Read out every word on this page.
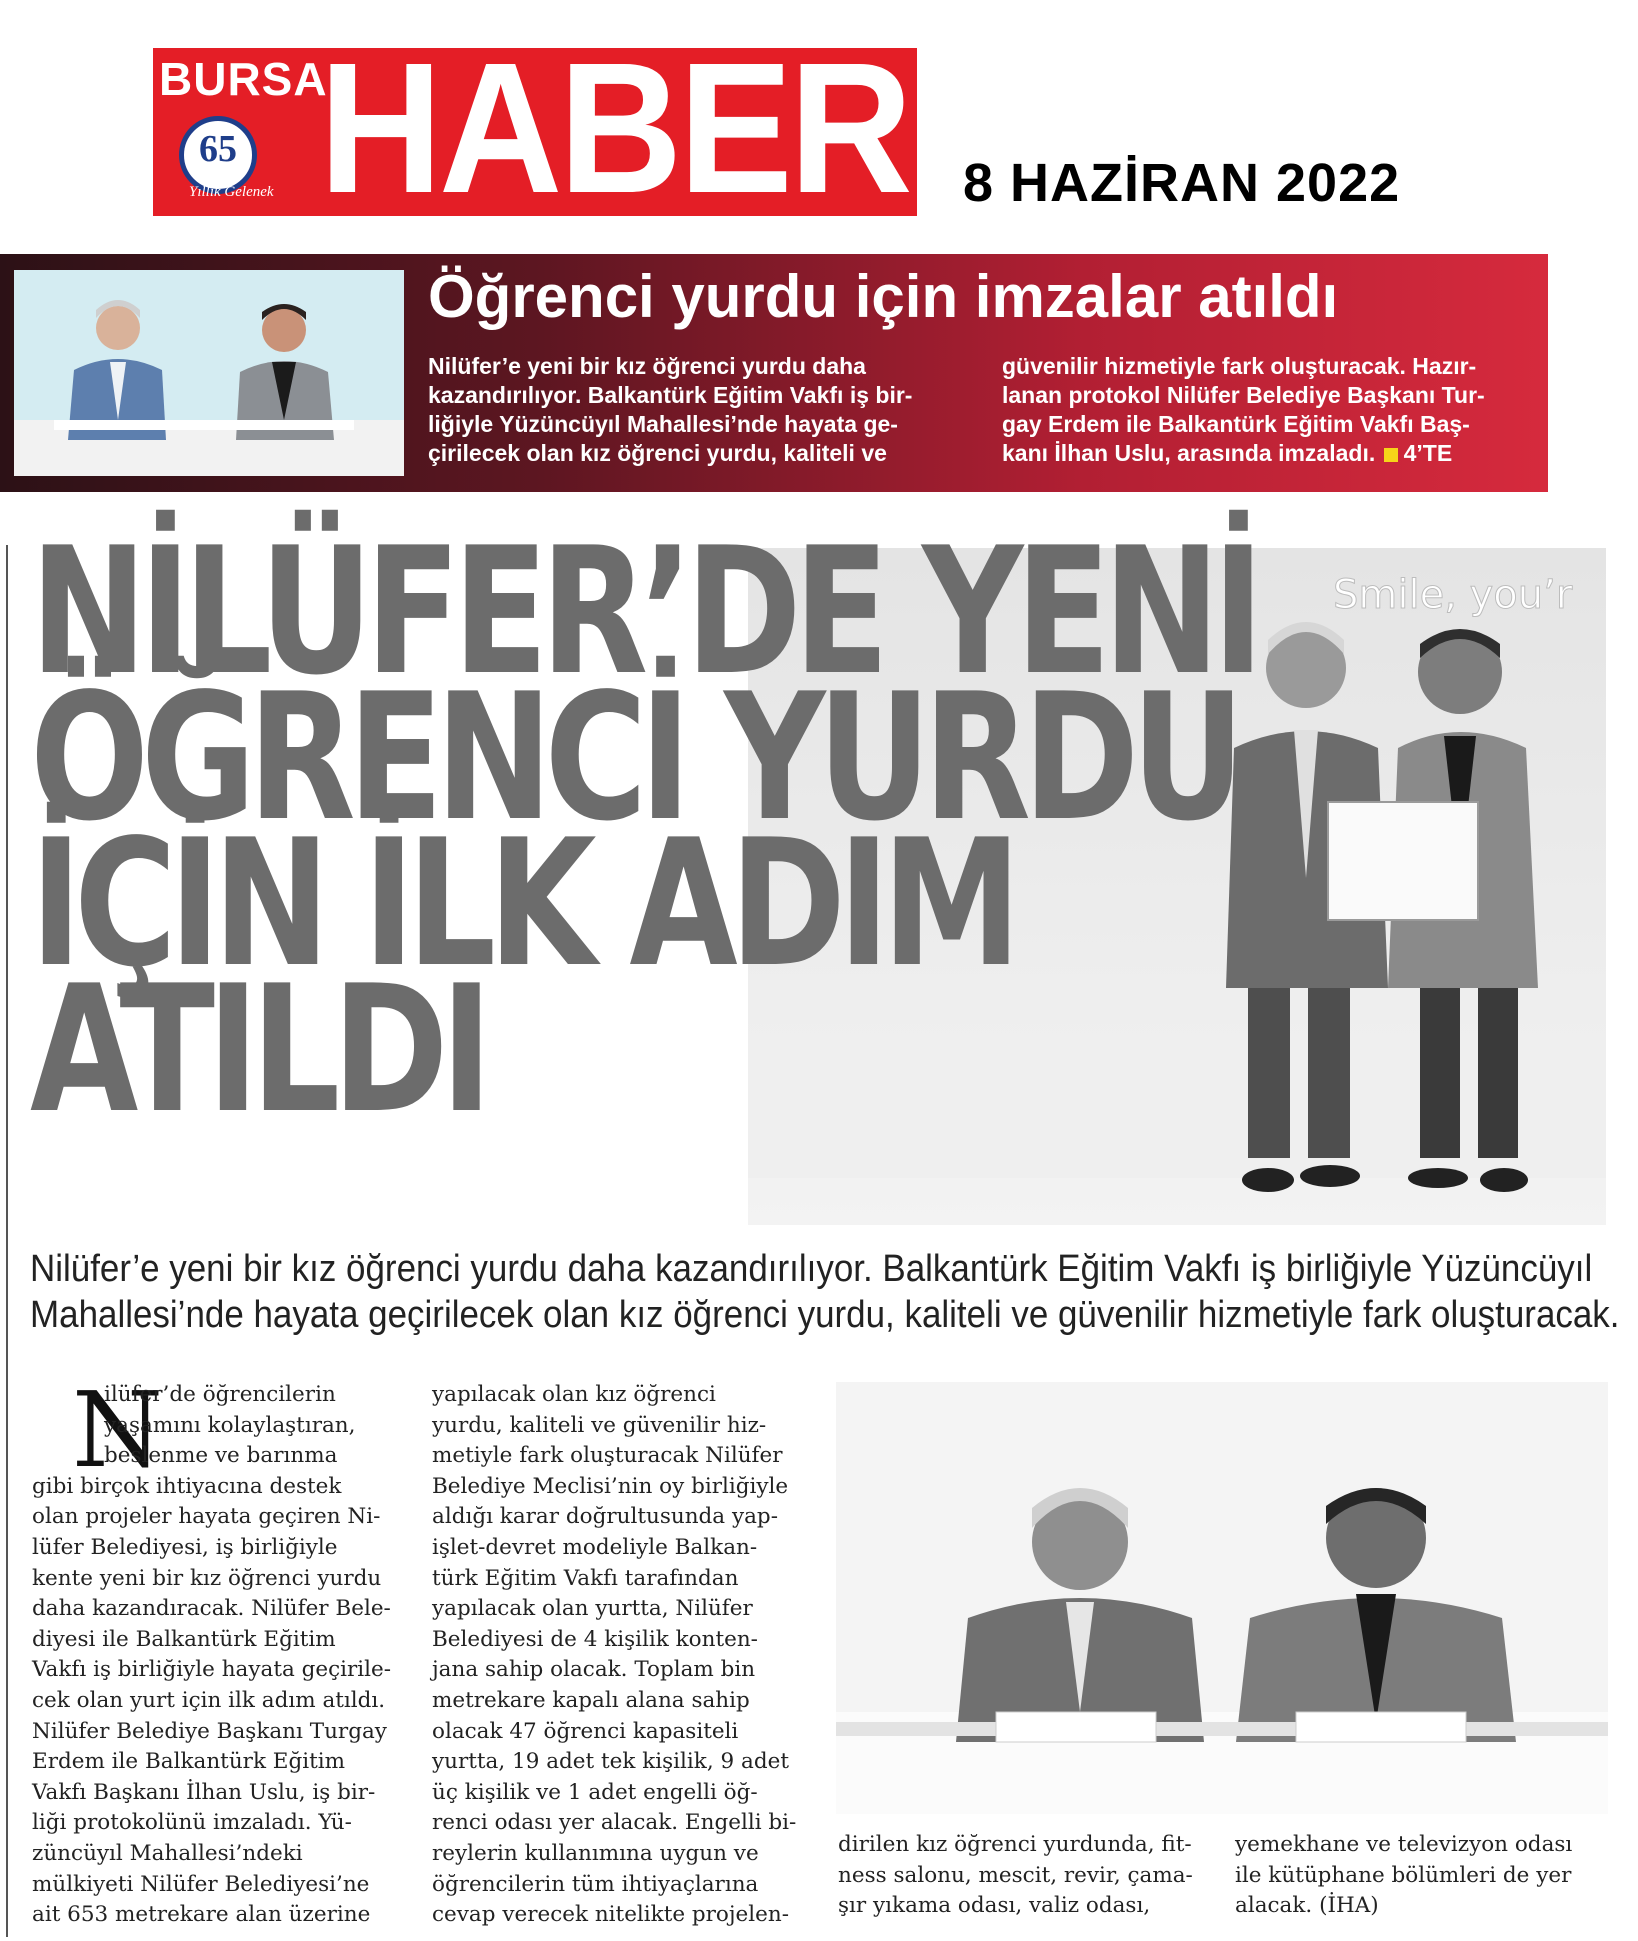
BURSA
HABER
65
Yıllık Gelenek	8 HAZİRAN 2022
Öğrenci yurdu için imzalar atıldı
Nilüfer’e yeni bir kız öğrenci yurdu daha
kazandırılıyor. Balkantürk Eğitim Vakfı iş bir-
liğiyle Yüzüncüyıl Mahallesi’nde hayata ge-
çirilecek olan kız öğrenci yurdu, kaliteli ve
güvenilir hizmetiyle fark oluşturacak. Hazır-
lanan protokol Nilüfer Belediye Başkanı Tur-
gay Erdem ile Balkantürk Eğitim Vakfı Baş-
kanı İlhan Uslu, arasında imzaladı. 4’TE
Smile, you’r
NİLÜFER’DE YENİ
ÖĞRENCİ YURDU
İÇİN İLK ADIM
ATILDI
Nilüfer’e yeni bir kız öğrenci yurdu daha kazandırılıyor. Balkantürk Eğitim Vakfı iş birliğiyle Yüzüncüyıl
Mahallesi’nde hayata geçirilecek olan kız öğrenci yurdu, kaliteli ve güvenilir hizmetiyle fark oluşturacak.
N
ilüfer’de öğrencilerin
yaşamını kolaylaştıran,
beslenme ve barınma
gibi birçok ihtiyacına destek
olan projeler hayata geçiren Ni-
lüfer Belediyesi, iş birliğiyle
kente yeni bir kız öğrenci yurdu
daha kazandıracak. Nilüfer Bele-
diyesi ile Balkantürk Eğitim
Vakfı iş birliğiyle hayata geçirile-
cek olan yurt için ilk adım atıldı.
Nilüfer Belediye Başkanı Turgay
Erdem ile Balkantürk Eğitim
Vakfı Başkanı İlhan Uslu, iş bir-
liği protokolünü imzaladı. Yü-
züncüyıl Mahallesi’ndeki
mülkiyeti Nilüfer Belediyesi’ne
ait 653 metrekare alan üzerine
yapılacak olan kız öğrenci
yurdu, kaliteli ve güvenilir hiz-
metiyle fark oluşturacak Nilüfer
Belediye Meclisi’nin oy birliğiyle
aldığı karar doğrultusunda yap-
işlet-devret modeliyle Balkan-
türk Eğitim Vakfı tarafından
yapılacak olan yurtta, Nilüfer
Belediyesi de 4 kişilik konten-
jana sahip olacak. Toplam bin
metrekare kapalı alana sahip
olacak 47 öğrenci kapasiteli
yurtta, 19 adet tek kişilik, 9 adet
üç kişilik ve 1 adet engelli öğ-
renci odası yer alacak. Engelli bi-
reylerin kullanımına uygun ve
öğrencilerin tüm ihtiyaçlarına
cevap verecek nitelikte projelen-
dirilen kız öğrenci yurdunda, fit-
ness salonu, mescit, revir, çama-
şır yıkama odası, valiz odası,
yemekhane ve televizyon odası
ile kütüphane bölümleri de yer
alacak. (İHA)
